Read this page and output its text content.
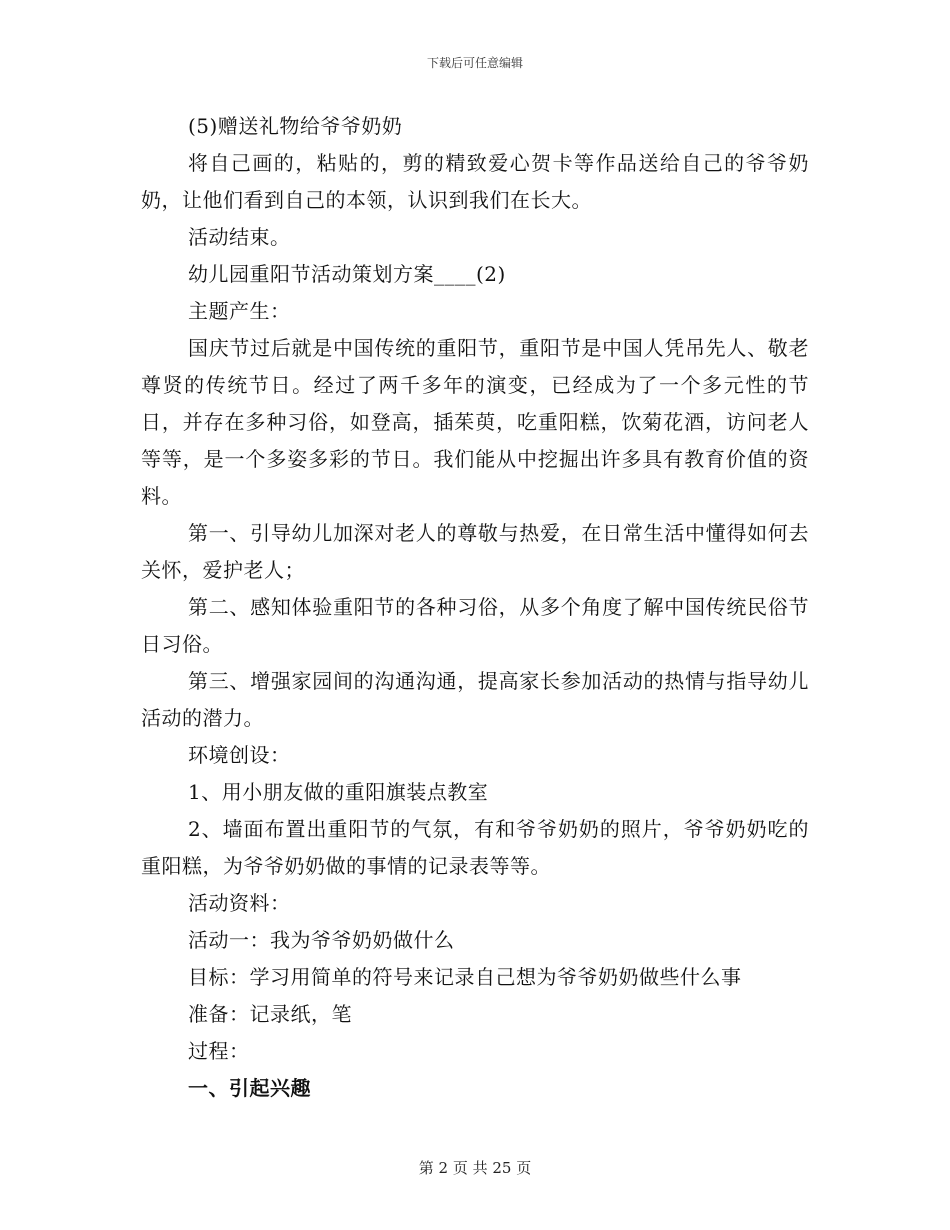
下载后可任意编辑

(5)赠送礼物给爷爷奶奶

将自己画的，粘贴的，剪的精致爱心贺卡等作品送给自己的爷爷奶奶，让他们看到自己的本领，认识到我们在长大。

活动结束。

幼儿园重阳节活动策划方案____(2)

主题产生：

国庆节过后就是中国传统的重阳节，重阳节是中国人凭吊先人、敬老尊贤的传统节日。经过了两千多年的演变，已经成为了一个多元性的节日，并存在多种习俗，如登高，插茱萸，吃重阳糕，饮菊花酒，访问老人等等，是一个多姿多彩的节日。我们能从中挖掘出许多具有教育价值的资料。

第一、引导幼儿加深对老人的尊敬与热爱，在日常生活中懂得如何去关怀，爱护老人；

第二、感知体验重阳节的各种习俗，从多个角度了解中国传统民俗节日习俗。

第三、增强家园间的沟通沟通，提高家长参加活动的热情与指导幼儿活动的潜力。

环境创设：

1、用小朋友做的重阳旗装点教室

2、墙面布置出重阳节的气氛，有和爷爷奶奶的照片，爷爷奶奶吃的重阳糕，为爷爷奶奶做的事情的记录表等等。

活动资料：

活动一：我为爷爷奶奶做什么

目标：学习用简单的符号来记录自己想为爷爷奶奶做些什么事

准备：记录纸，笔

过程：

一、引起兴趣

第 2 页 共 25 页
